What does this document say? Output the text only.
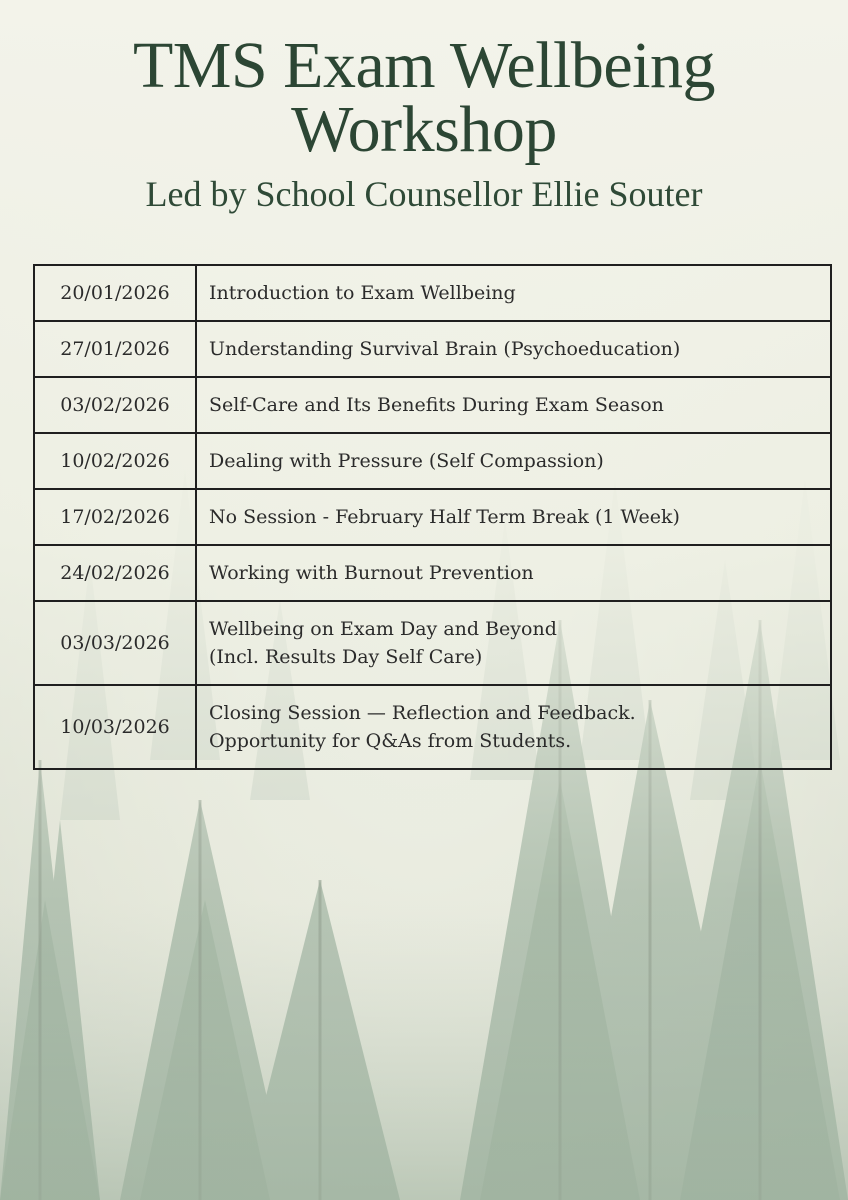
TMS Exam Wellbeing
Workshop
Led by School Counsellor Ellie Souter
20/01/2026	Introduction to Exam Wellbeing

27/01/2026	Understanding Survival Brain (Psychoeducation)

03/02/2026	Self-Care and Its Benefits During Exam Season

10/02/2026	Dealing with Pressure (Self Compassion)

17/02/2026	No Session - February Half Term Break (1 Week)

24/02/2026	Working with Burnout Prevention

03/03/2026	Wellbeing on Exam Day and Beyond
(Incl. Results Day Self Care)

10/03/2026	Closing Session — Reflection and Feedback.
Opportunity for Q&As from Students.
